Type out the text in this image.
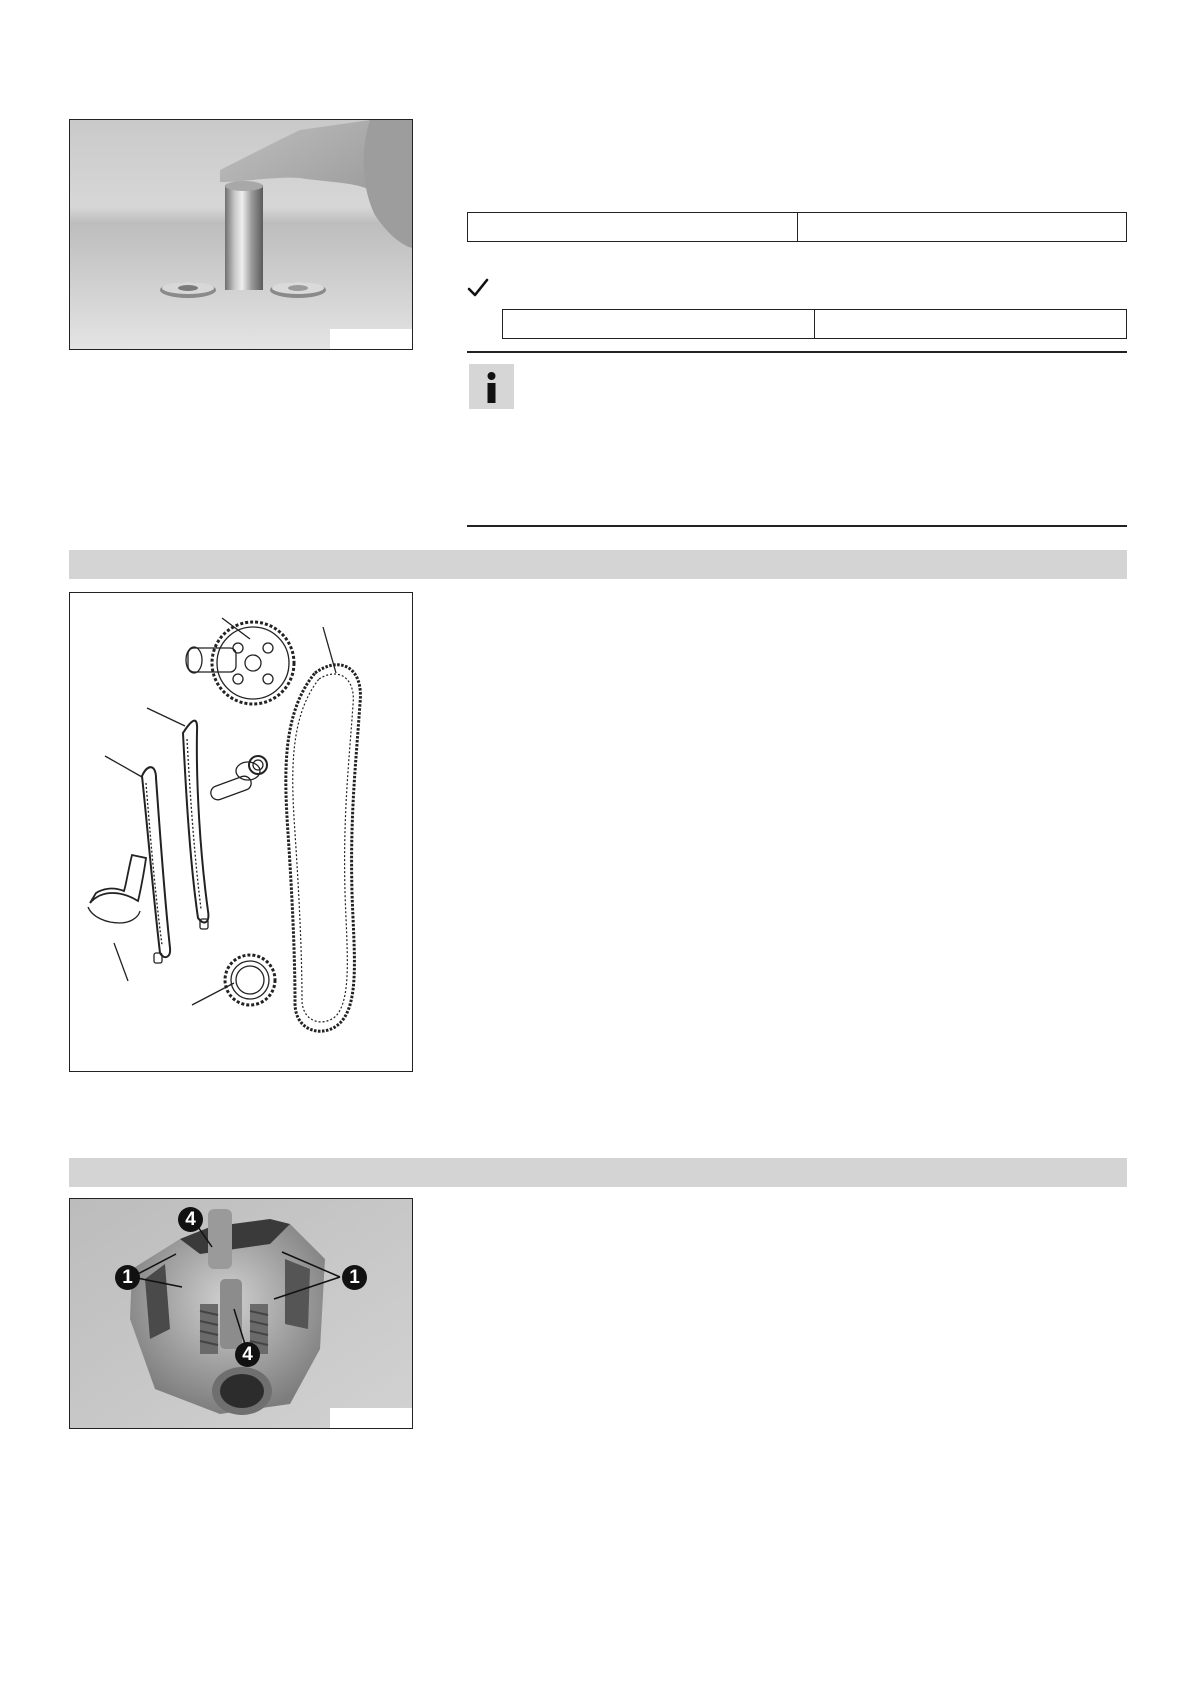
4
1	1
4
